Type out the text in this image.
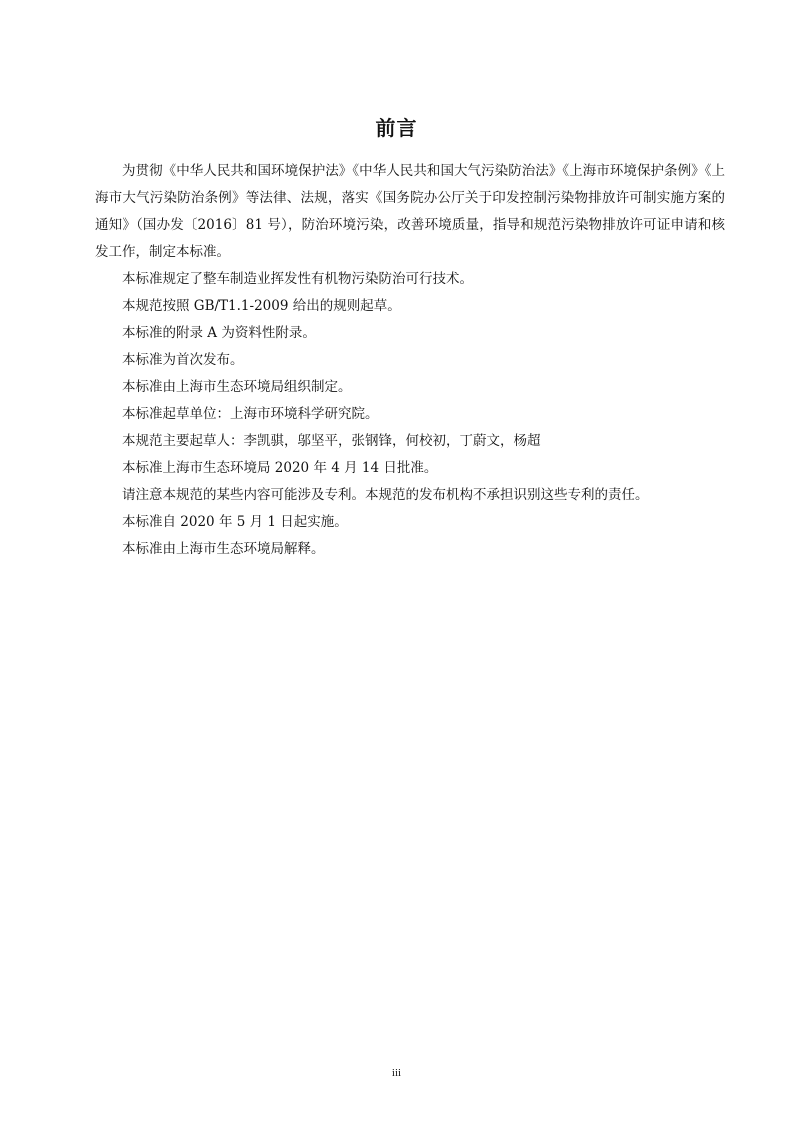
前言

为贯彻《中华人民共和国环境保护法》《中华人民共和国大气污染防治法》《上海市环境保护条例》《上海市大气污染防治条例》等法律、法规，落实《国务院办公厅关于印发控制污染物排放许可制实施方案的通知》（国办发〔2016〕81 号），防治环境污染，改善环境质量，指导和规范污染物排放许可证申请和核发工作，制定本标准。

本标准规定了整车制造业挥发性有机物污染防治可行技术。

本规范按照 GB/T1.1-2009 给出的规则起草。

本标准的附录 A 为资料性附录。

本标准为首次发布。

本标准由上海市生态环境局组织制定。

本标准起草单位：上海市环境科学研究院。

本规范主要起草人：李凯骐，邬坚平，张钢锋，何校初，丁蔚文，杨超

本标准上海市生态环境局 2020 年 4 月 14 日批准。

请注意本规范的某些内容可能涉及专利。本规范的发布机构不承担识别这些专利的责任。

本标准自 2020 年 5 月 1 日起实施。

本标准由上海市生态环境局解释。

iii
